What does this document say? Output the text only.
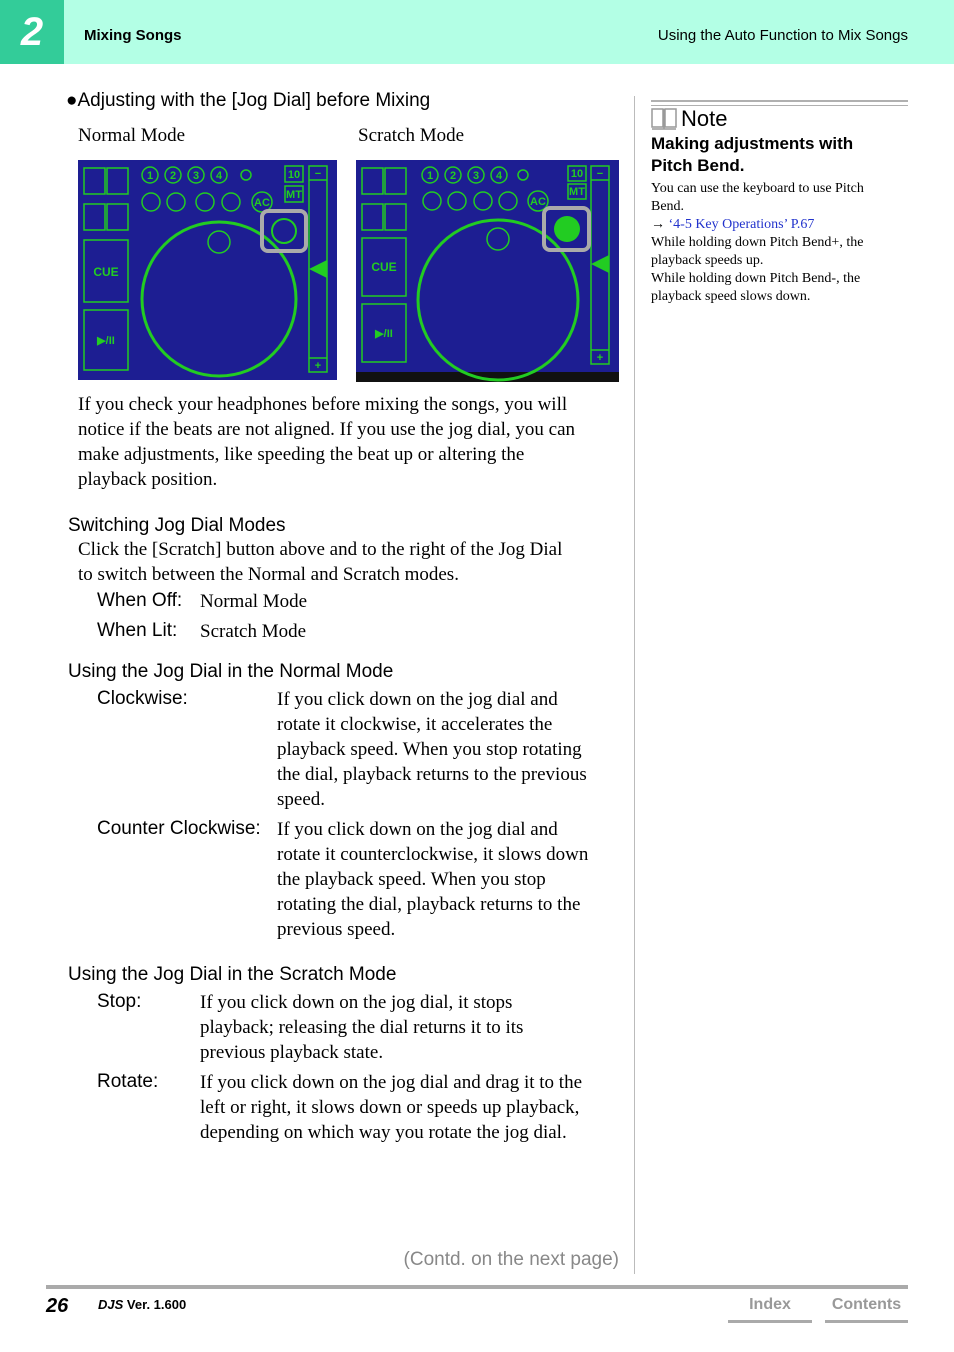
2	Mixing Songs	Using the Auto Function to Mix Songs
●Adjusting with the [Jog Dial] before Mixing
Normal Mode	Scratch Mode
1 2 3 4	10
MT
AC
CUE
▶/II
−
+
1 2 3 4	10
MT
AC
CUE
▶/II
−
+
If you check your headphones before mixing the songs, you will
notice if the beats are not aligned. If you use the jog dial, you can
make adjustments, like speeding the beat up or altering the
playback position.
Switching Jog Dial Modes
Click the [Scratch] button above and to the right of the Jog Dial
to switch between the Normal and Scratch modes.
When Off: Normal Mode
When Lit: Scratch Mode
Using the Jog Dial in the Normal Mode
Clockwise:	If you click down on the jog dial and
rotate it clockwise, it accelerates the
playback speed. When you stop rotating
the dial, playback returns to the previous
speed.
Counter Clockwise: If you click down on the jog dial and
rotate it counterclockwise, it slows down
the playback speed. When you stop
rotating the dial, playback returns to the
previous speed.
Using the Jog Dial in the Scratch Mode
Stop:	If you click down on the jog dial, it stops
playback; releasing the dial returns it to its
previous playback state.
Rotate: If you click down on the jog dial and drag it to the
left or right, it slows down or speeds up playback,
depending on which way you rotate the jog dial.
(Contd. on the next page)
Note
Making adjustments with
Pitch Bend.
You can use the keyboard to use Pitch
Bend.
→ ‘4-5 Key Operations’ P.67
While holding down Pitch Bend+, the
playback speeds up.
While holding down Pitch Bend-, the
playback speed slows down.
26 DJS Ver. 1.600	Index	Contents
